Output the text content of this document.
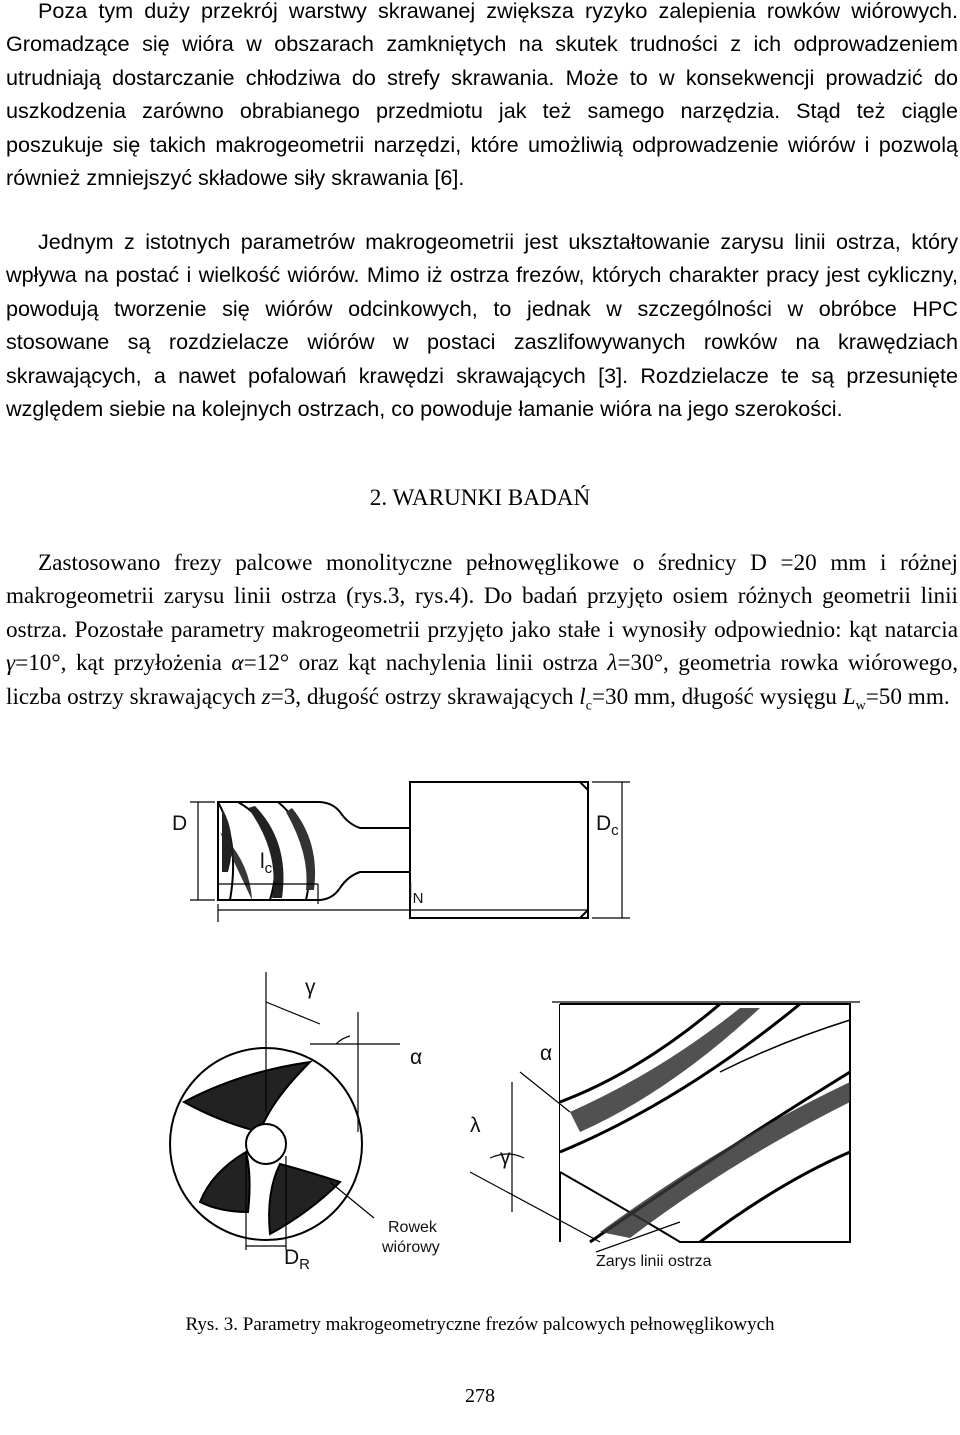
Poza tym duży przekrój warstwy skrawanej zwiększa ryzyko zalepienia rowków wiórowych. Gromadzące się wióra w obszarach zamkniętych na skutek trudności z ich odprowadzeniem utrudniają dostarczanie chłodziwa do strefy skrawania. Może to w konsekwencji prowadzić do uszkodzenia zarówno obrabianego przedmiotu jak też samego narzędzia. Stąd też ciągle poszukuje się takich makrogeometrii narzędzi, które umożliwią odprowadzenie wiórów i pozwolą również zmniejszyć składowe siły skrawania [6].

Jednym z istotnych parametrów makrogeometrii jest ukształtowanie zarysu linii ostrza, który wpływa na postać i wielkość wiórów. Mimo iż ostrza frezów, których charakter pracy jest cykliczny, powodują tworzenie się wiórów odcinkowych, to jednak w szczególności w obróbce HPC stosowane są rozdzielacze wiórów w postaci zaszlifowywanych rowków na krawędziach skrawających, a nawet pofalowań krawędzi skrawających [3]. Rozdzielacze te są przesunięte względem siebie na kolejnych ostrzach, co powoduje łamanie wióra na jego szerokości.

2. WARUNKI BADAŃ

Zastosowano frezy palcowe monolityczne pełnowęglikowe o średnicy D =20 mm i różnej makrogeometrii zarysu linii ostrza (rys.3, rys.4). Do badań przyjęto osiem różnych geometrii linii ostrza. Pozostałe parametry makrogeometrii przyjęto jako stałe i wynosiły odpowiednio: kąt natarcia γ=10°, kąt przyłożenia α=12° oraz kąt nachylenia linii ostrza λ=30°, geometria rowka wiórowego, liczba ostrzy skrawających z=3, długość ostrzy skrawających $l_c=30$ mm, długość wysięgu $L_w=50$ mm.

D	$D_c$
$l_c$
$l_N$
γ
α
$D_R$
Rowek
wiórowy
α
λ
γ
Zarys linii ostrza
Rys. 3. Parametry makrogeometryczne frezów palcowych pełnowęglikowych
278
